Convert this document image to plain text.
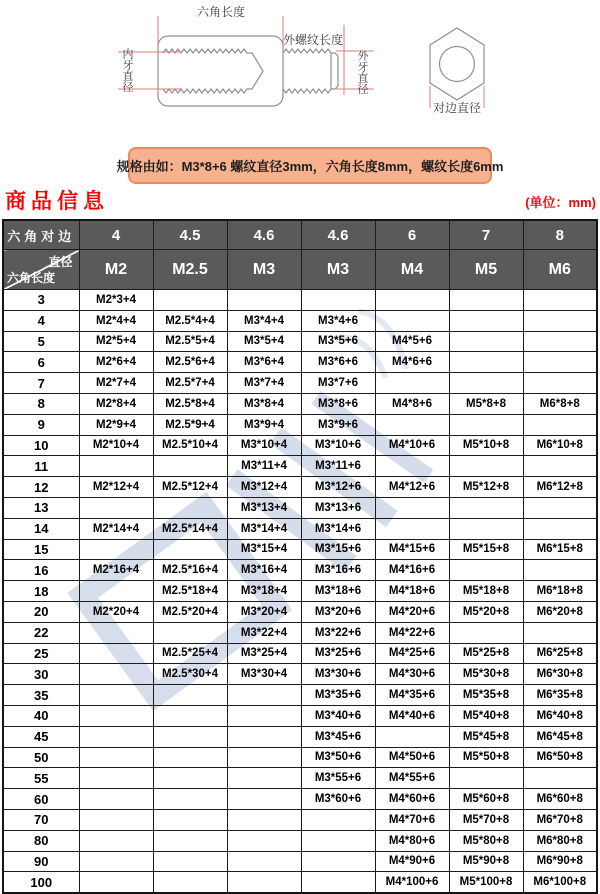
六角长度
外螺纹长度
内牙直径	外牙直径
对边直径
规格由如：M3*8+6 螺纹直径3mm，六角长度8mm，螺纹长度6mm
商品信息	(单位：mm)
六角对边	4	4.5	4.6	4.6	6	7	8

直径
六角长度	M2	M2.5	M3	M3	M4	M5	M6
3	M2*3+4						
4	M2*4+4	M2.5*4+4	M3*4+4	M3*4+6			
5	M2*5+4	M2.5*5+4	M3*5+4	M3*5+6	M4*5+6		
6	M2*6+4	M2.5*6+4	M3*6+4	M3*6+6	M4*6+6		
7	M2*7+4	M2.5*7+4	M3*7+4	M3*7+6			
8	M2*8+4	M2.5*8+4	M3*8+4	M3*8+6	M4*8+6	M5*8+8	M6*8+8
9	M2*9+4	M2.5*9+4	M3*9+4	M3*9+6			
10	M2*10+4	M2.5*10+4	M3*10+4	M3*10+6	M4*10+6	M5*10+8	M6*10+8
11			M3*11+4	M3*11+6			
12	M2*12+4	M2.5*12+4	M3*12+4	M3*12+6	M4*12+6	M5*12+8	M6*12+8
13			M3*13+4	M3*13+6			
14	M2*14+4	M2.5*14+4	M3*14+4	M3*14+6			
15			M3*15+4	M3*15+6	M4*15+6	M5*15+8	M6*15+8
16	M2*16+4	M2.5*16+4	M3*16+4	M3*16+6	M4*16+6		
18		M2.5*18+4	M3*18+4	M3*18+6	M4*18+6	M5*18+8	M6*18+8
20	M2*20+4	M2.5*20+4	M3*20+4	M3*20+6	M4*20+6	M5*20+8	M6*20+8
22			M3*22+4	M3*22+6	M4*22+6		
25		M2.5*25+4	M3*25+4	M3*25+6	M4*25+6	M5*25+8	M6*25+8
30		M2.5*30+4	M3*30+4	M3*30+6	M4*30+6	M5*30+8	M6*30+8
35				M3*35+6	M4*35+6	M5*35+8	M6*35+8
40				M3*40+6	M4*40+6	M5*40+8	M6*40+8
45				M3*45+6		M5*45+8	M6*45+8
50				M3*50+6	M4*50+6	M5*50+8	M6*50+8
55				M3*55+6	M4*55+6		
60				M3*60+6	M4*60+6	M5*60+8	M6*60+8
70					M4*70+6	M5*70+8	M6*70+8
80					M4*80+6	M5*80+8	M6*80+8
90					M4*90+6	M5*90+8	M6*90+8
100					M4*100+6	M5*100+8	M6*100+8
